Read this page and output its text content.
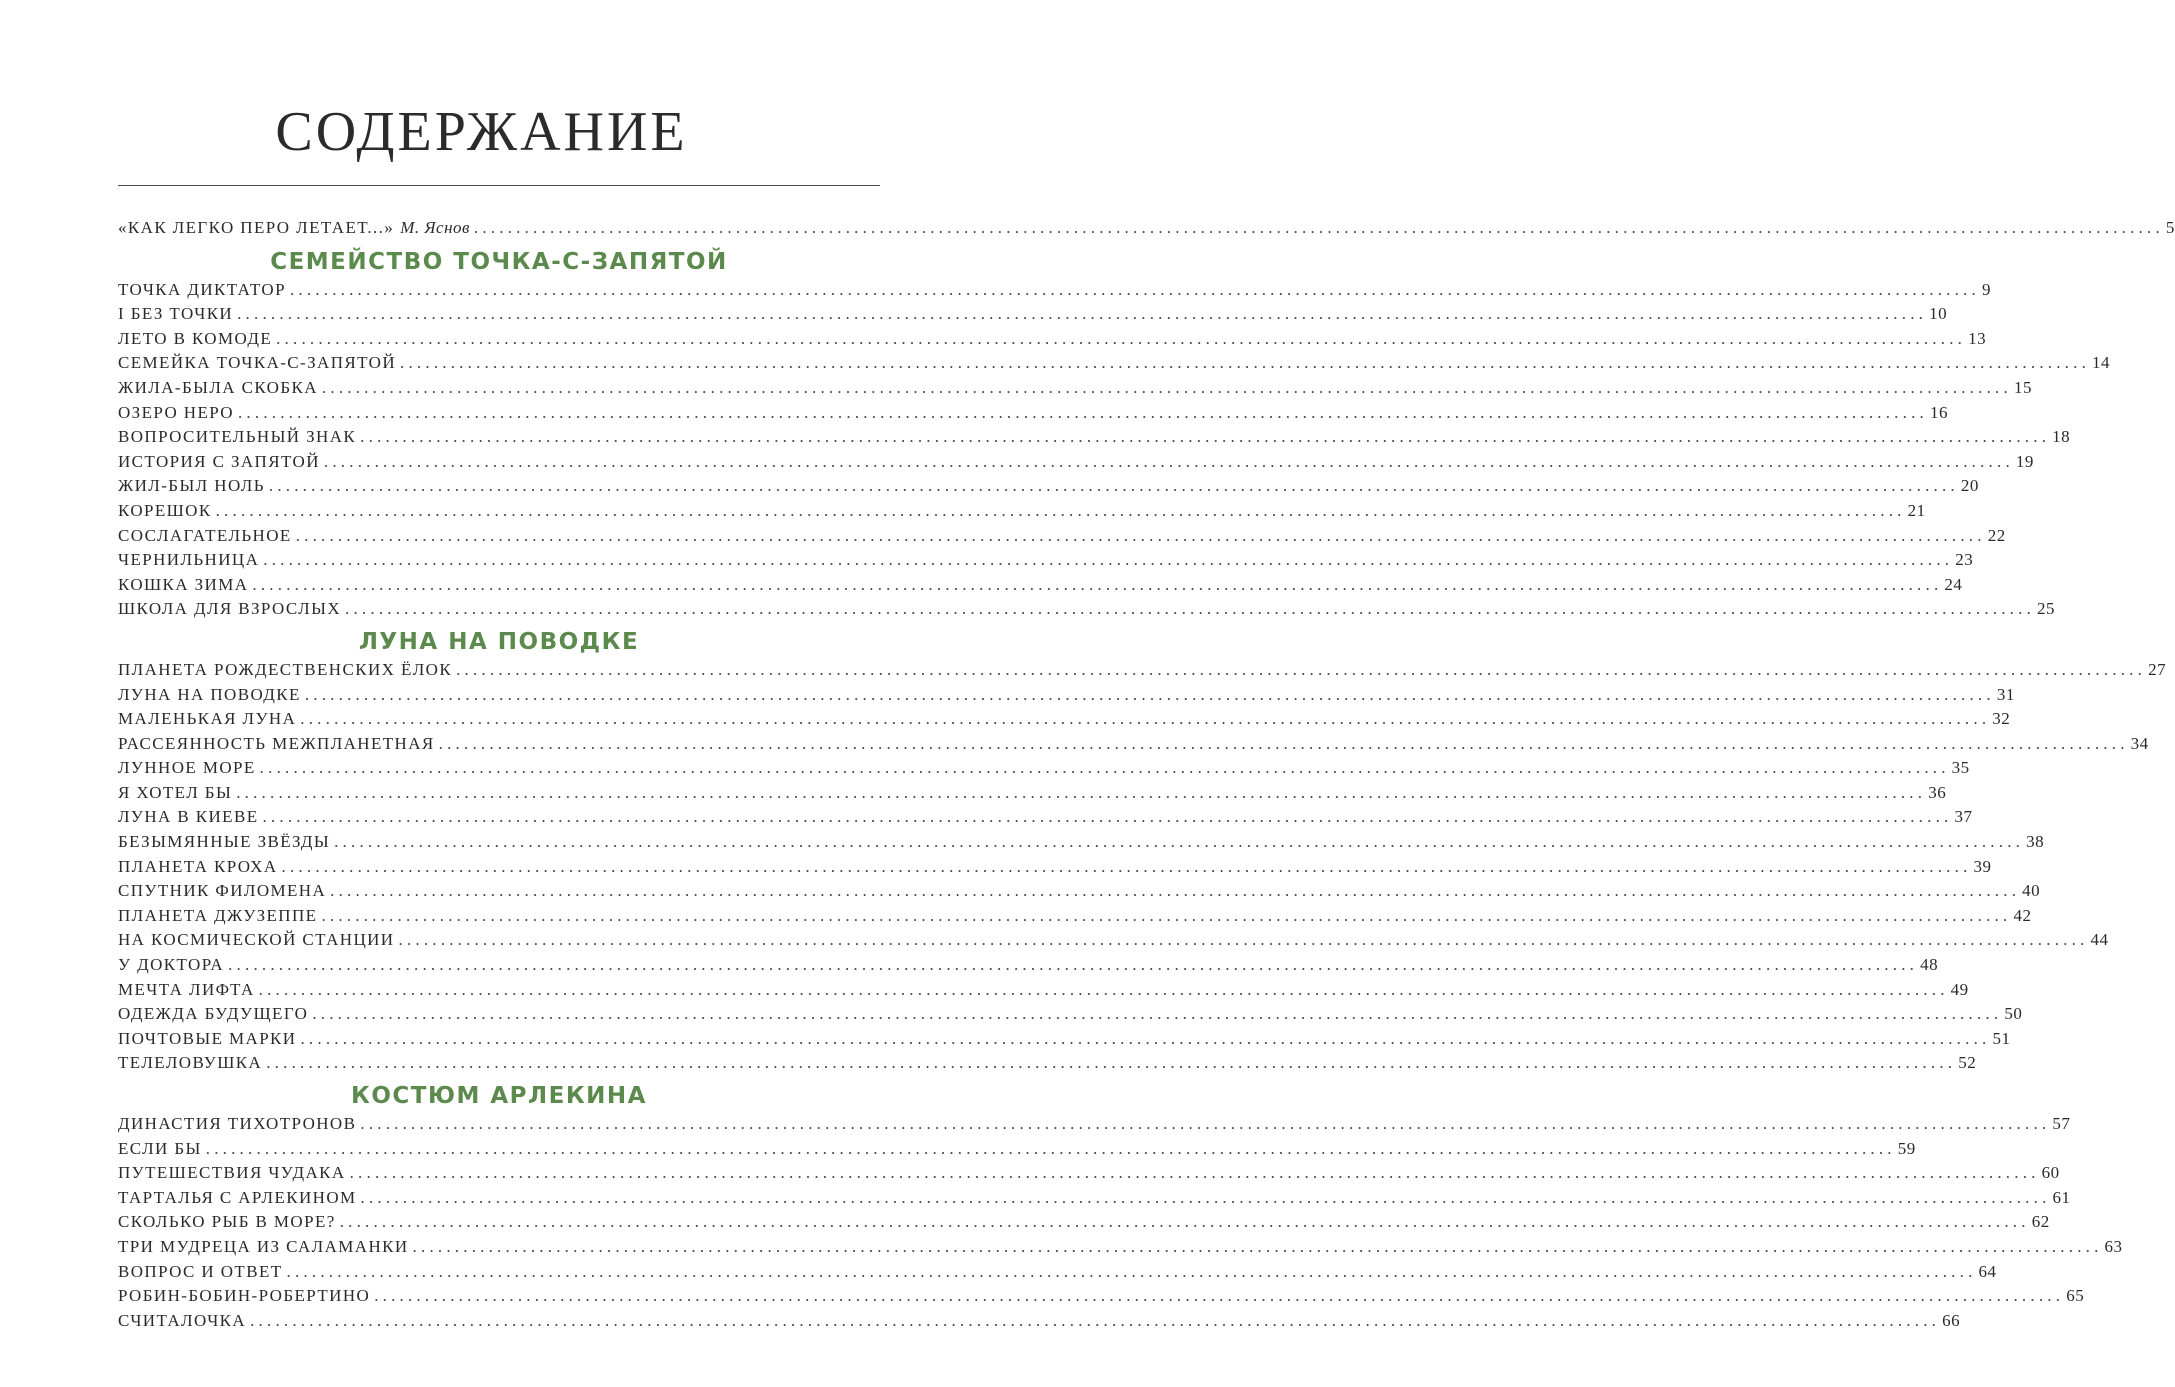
СОДЕРЖАНИЕ
«КАК ЛЕГКО ПЕРО ЛЕТАЕТ...» М. Яснов ........................................................................................................................................................................................................ 5
СЕМЕЙСТВО ТОЧКА-С-ЗАПЯТОЙ
ТОЧКА ДИКТАТОР ........................................................................................................................................................................................................ 9
I БЕЗ ТОЧКИ ........................................................................................................................................................................................................ 10
ЛЕТО В КОМОДЕ ........................................................................................................................................................................................................ 13
СЕМЕЙКА ТОЧКА-С-ЗАПЯТОЙ ........................................................................................................................................................................................................ 14
ЖИЛА-БЫЛА СКОБКА ........................................................................................................................................................................................................ 15
ОЗЕРО НЕРО ........................................................................................................................................................................................................ 16
ВОПРОСИТЕЛЬНЫЙ ЗНАК ........................................................................................................................................................................................................ 18
ИСТОРИЯ С ЗАПЯТОЙ ........................................................................................................................................................................................................ 19
ЖИЛ-БЫЛ НОЛЬ ........................................................................................................................................................................................................ 20
КОРЕШОК ........................................................................................................................................................................................................ 21
СОСЛАГАТЕЛЬНОЕ ........................................................................................................................................................................................................ 22
ЧЕРНИЛЬНИЦА ........................................................................................................................................................................................................ 23
КОШКА ЗИМА ........................................................................................................................................................................................................ 24
ШКОЛА ДЛЯ ВЗРОСЛЫХ ........................................................................................................................................................................................................ 25
ЛУНА НА ПОВОДКЕ
ПЛАНЕТА РОЖДЕСТВЕНСКИХ ЁЛОК ........................................................................................................................................................................................................ 27
ЛУНА НА ПОВОДКЕ ........................................................................................................................................................................................................ 31
МАЛЕНЬКАЯ ЛУНА ........................................................................................................................................................................................................ 32
РАССЕЯННОСТЬ МЕЖПЛАНЕТНАЯ ........................................................................................................................................................................................................ 34
ЛУННОЕ МОРЕ ........................................................................................................................................................................................................ 35
Я ХОТЕЛ БЫ ........................................................................................................................................................................................................ 36
ЛУНА В КИЕВЕ ........................................................................................................................................................................................................ 37
БЕЗЫМЯННЫЕ ЗВЁЗДЫ ........................................................................................................................................................................................................ 38
ПЛАНЕТА КРОХА ........................................................................................................................................................................................................ 39
СПУТНИК ФИЛОМЕНА ........................................................................................................................................................................................................ 40
ПЛАНЕТА ДЖУЗЕППЕ ........................................................................................................................................................................................................ 42
НА КОСМИЧЕСКОЙ СТАНЦИИ ........................................................................................................................................................................................................ 44
У ДОКТОРА ........................................................................................................................................................................................................ 48
МЕЧТА ЛИФТА ........................................................................................................................................................................................................ 49
ОДЕЖДА БУДУЩЕГО ........................................................................................................................................................................................................ 50
ПОЧТОВЫЕ МАРКИ ........................................................................................................................................................................................................ 51
ТЕЛЕЛОВУШКА ........................................................................................................................................................................................................ 52
КОСТЮМ АРЛЕКИНА
ДИНАСТИЯ ТИХОТРОНОВ ........................................................................................................................................................................................................ 57
ЕСЛИ БЫ ........................................................................................................................................................................................................ 59
ПУТЕШЕСТВИЯ ЧУДАКА ........................................................................................................................................................................................................ 60
ТАРТАЛЬЯ С АРЛЕКИНОМ ........................................................................................................................................................................................................ 61
СКОЛЬКО РЫБ В МОРЕ? ........................................................................................................................................................................................................ 62
ТРИ МУДРЕЦА ИЗ САЛАМАНКИ ........................................................................................................................................................................................................ 63
ВОПРОС И ОТВЕТ ........................................................................................................................................................................................................ 64
РОБИН-БОБИН-РОБЕРТИНО ........................................................................................................................................................................................................ 65
СЧИТАЛОЧКА ........................................................................................................................................................................................................ 66
